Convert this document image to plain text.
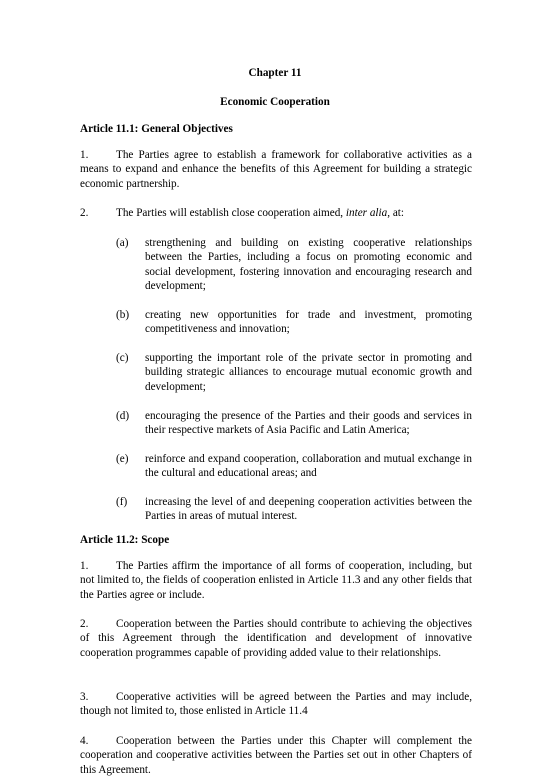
Chapter 11
Economic Cooperation
Article 11.1: General Objectives
1. The Parties agree to establish a framework for collaborative activities as a means to expand and enhance the benefits of this Agreement for building a strategic economic partnership.
2. The Parties will establish close cooperation aimed, inter alia, at:
(a) strengthening and building on existing cooperative relationships between the Parties, including a focus on promoting economic and social development, fostering innovation and encouraging research and development;
(b) creating new opportunities for trade and investment, promoting competitiveness and innovation;
(c) supporting the important role of the private sector in promoting and building strategic alliances to encourage mutual economic growth and development;
(d) encouraging the presence of the Parties and their goods and services in their respective markets of Asia Pacific and Latin America;
(e) reinforce and expand cooperation, collaboration and mutual exchange in the cultural and educational areas; and
(f) increasing the level of and deepening cooperation activities between the Parties in areas of mutual interest.
Article 11.2: Scope
1. The Parties affirm the importance of all forms of cooperation, including, but not limited to, the fields of cooperation enlisted in Article 11.3 and any other fields that the Parties agree or include.
2. Cooperation between the Parties should contribute to achieving the objectives of this Agreement through the identification and development of innovative cooperation programmes capable of providing added value to their relationships.
3. Cooperative activities will be agreed between the Parties and may include, though not limited to, those enlisted in Article 11.4
4. Cooperation between the Parties under this Chapter will complement the cooperation and cooperative activities between the Parties set out in other Chapters of this Agreement.
